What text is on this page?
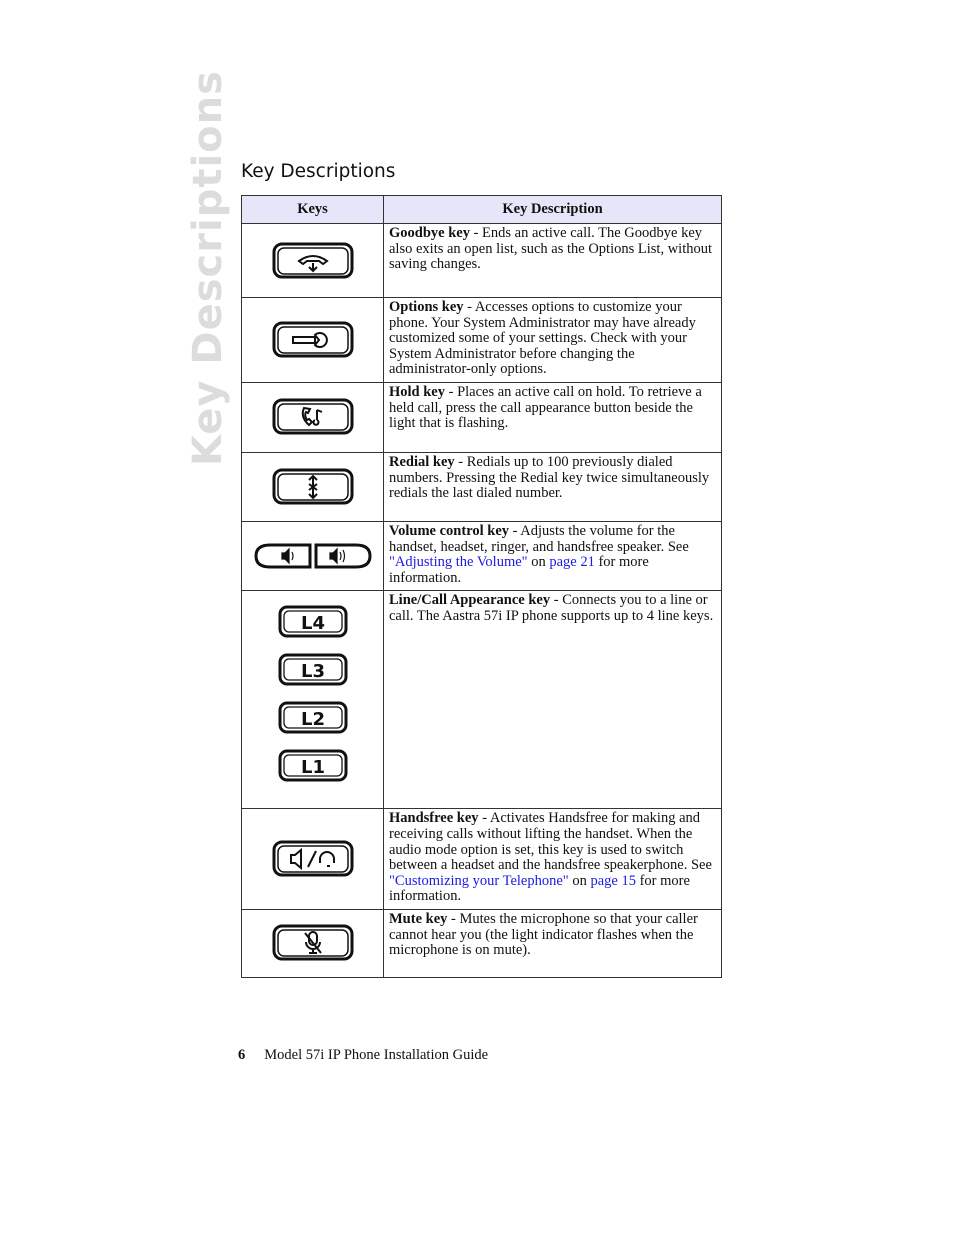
Key Descriptions Key Descriptions
Keys	Key Description
	Goodbye key - Ends an active call. The Goodbye key also exits an open list, such as the Options List, without saving changes.
	Options key - Accesses options to customize your phone. Your System Administrator may have already customized some of your settings. Check with your System Administrator before changing the administrator-only options.
	Hold key - Places an active call on hold. To retrieve a held call, press the call appearance button beside the light that is flashing.
	Redial key - Redials up to 100 previously dialed numbers. Pressing the Redial key twice simultaneously redials the last dialed number.
	Volume control key - Adjusts the volume for the handset, headset, ringer, and handsfree speaker. See "Adjusting the Volume" on page 21 for more information.

L4
L3
L2
L1	Line/Call Appearance key - Connects you to a line or call. The Aastra 57i IP phone supports up to 4 line keys.
	Handsfree key - Activates Handsfree for making and receiving calls without lifting the handset. When the audio mode option is set, this key is used to switch between a headset and the handsfree speakerphone. See "Customizing your Telephone" on page 15 for more information.
	Mute key - Mutes the microphone so that your caller cannot hear you (the light indicator flashes when the microphone is on mute).
6 Model 57i IP Phone Installation Guide
